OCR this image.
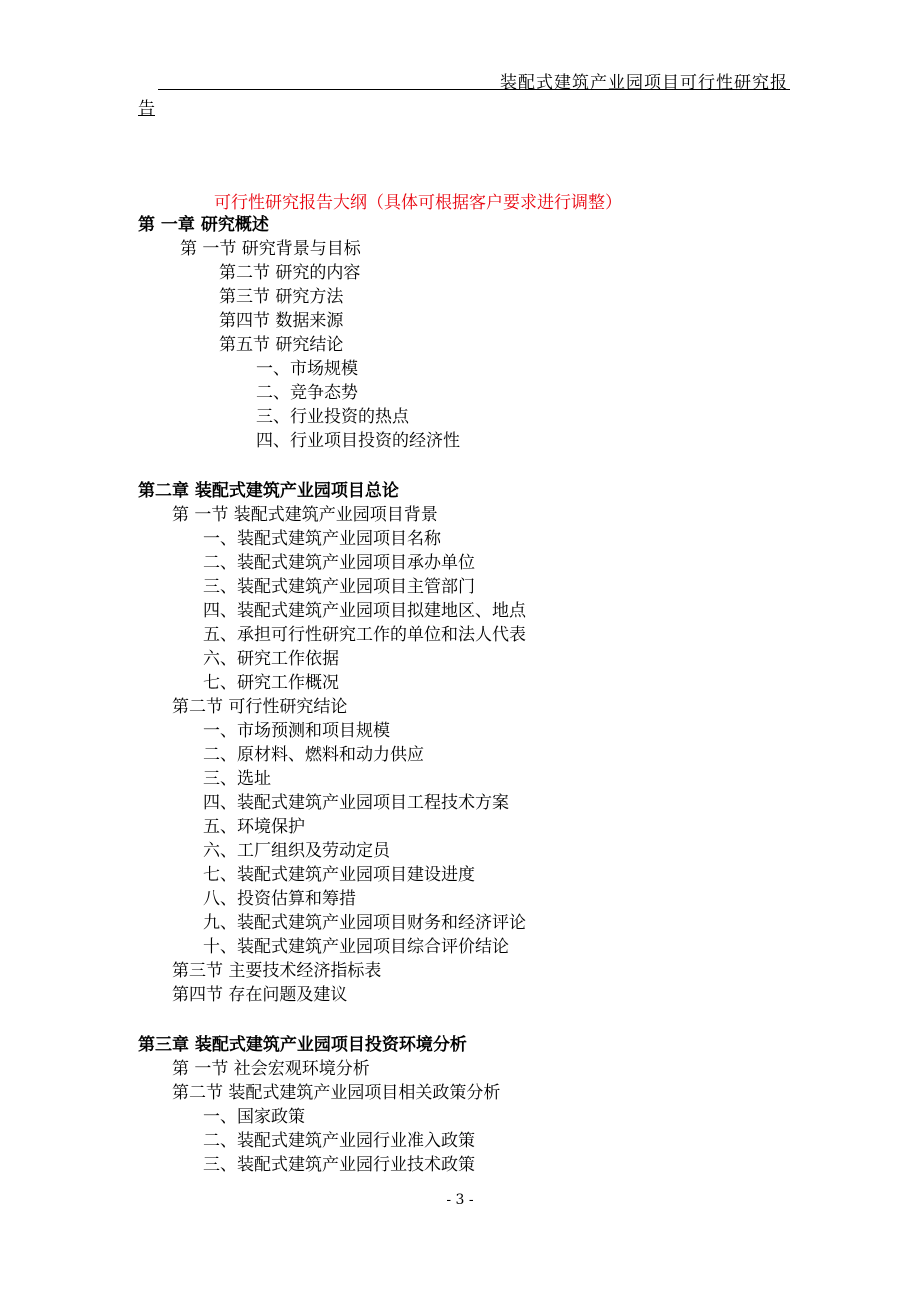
装配式建筑产业园项目可行性研究报
告
可行性研究报告大纲（具体可根据客户要求进行调整）
第 一章 研究概述
第 一节 研究背景与目标
第二节 研究的内容
第三节 研究方法
第四节 数据来源
第五节 研究结论
一、市场规模
二、竞争态势
三、行业投资的热点
四、行业项目投资的经济性
第二章 装配式建筑产业园项目总论
第 一节 装配式建筑产业园项目背景
一、装配式建筑产业园项目名称
二、装配式建筑产业园项目承办单位
三、装配式建筑产业园项目主管部门
四、装配式建筑产业园项目拟建地区、地点
五、承担可行性研究工作的单位和法人代表
六、研究工作依据
七、研究工作概况
第二节 可行性研究结论
一、市场预测和项目规模
二、原材料、燃料和动力供应
三、选址
四、装配式建筑产业园项目工程技术方案
五、环境保护
六、工厂组织及劳动定员
七、装配式建筑产业园项目建设进度
八、投资估算和筹措
九、装配式建筑产业园项目财务和经济评论
十、装配式建筑产业园项目综合评价结论
第三节 主要技术经济指标表
第四节 存在问题及建议
第三章 装配式建筑产业园项目投资环境分析
第 一节 社会宏观环境分析
第二节 装配式建筑产业园项目相关政策分析
一、国家政策
二、装配式建筑产业园行业准入政策
三、装配式建筑产业园行业技术政策
- 3 -
